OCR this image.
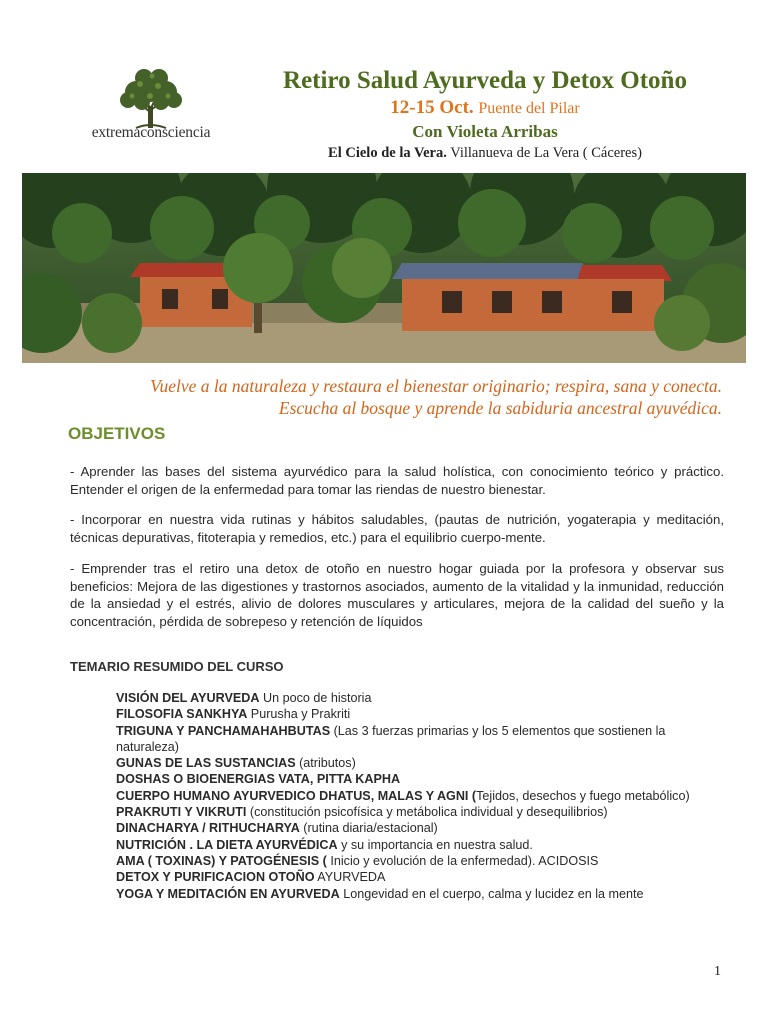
extremaconsciencia
Retiro Salud Ayurveda y Detox Otoño
12-15 Oct. Puente del Pilar
Con Violeta Arribas
El Cielo de la Vera. Villanueva de La Vera ( Cáceres)
Vuelve a la naturaleza y restaura el bienestar originario; respira, sana y conecta.
Escucha al bosque y aprende la sabiduria ancestral ayuvédica.
OBJETIVOS

- Aprender las bases del sistema ayurvédico para la salud holística, con conocimiento teórico y práctico. Entender el origen de la enfermedad para tomar las riendas de nuestro bienestar.

- Incorporar en nuestra vida rutinas y hábitos saludables, (pautas de nutrición, yogaterapia y meditación, técnicas depurativas, fitoterapia y remedios, etc.) para el equilibrio cuerpo-mente.

- Emprender tras el retiro una detox de otoño en nuestro hogar guiada por la profesora y observar sus beneficios: Mejora de las digestiones y trastornos asociados, aumento de la vitalidad y la inmunidad, reducción de la ansiedad y el estrés, alivio de dolores musculares y articulares, mejora de la calidad del sueño y la concentración, pérdida de sobrepeso y retención de líquidos

TEMARIO RESUMIDO DEL CURSO
VISIÓN DEL AYURVEDA Un poco de historia
FILOSOFIA SANKHYA Purusha y Prakriti
TRIGUNA Y PANCHAMAHAHBUTAS (Las 3 fuerzas primarias y los 5 elementos que sostienen la naturaleza)
GUNAS DE LAS SUSTANCIAS (atributos)
DOSHAS O BIOENERGIAS VATA, PITTA KAPHA
CUERPO HUMANO AYURVEDICO DHATUS, MALAS Y AGNI (Tejidos, desechos y fuego metabólico)
PRAKRUTI Y VIKRUTI (constitución psicofísica y metábolica individual y desequilibrios)
DINACHARYA / RITHUCHARYA (rutina diaria/estacional)
NUTRICIÓN . LA DIETA AYURVÉDICA y su importancia en nuestra salud.
AMA ( TOXINAS) Y PATOGÉNESIS ( Inicio y evolución de la enfermedad). ACIDOSIS
DETOX Y PURIFICACION OTOÑO AYURVEDA
YOGA Y MEDITACIÓN EN AYURVEDA Longevidad en el cuerpo, calma y lucidez en la mente
1
